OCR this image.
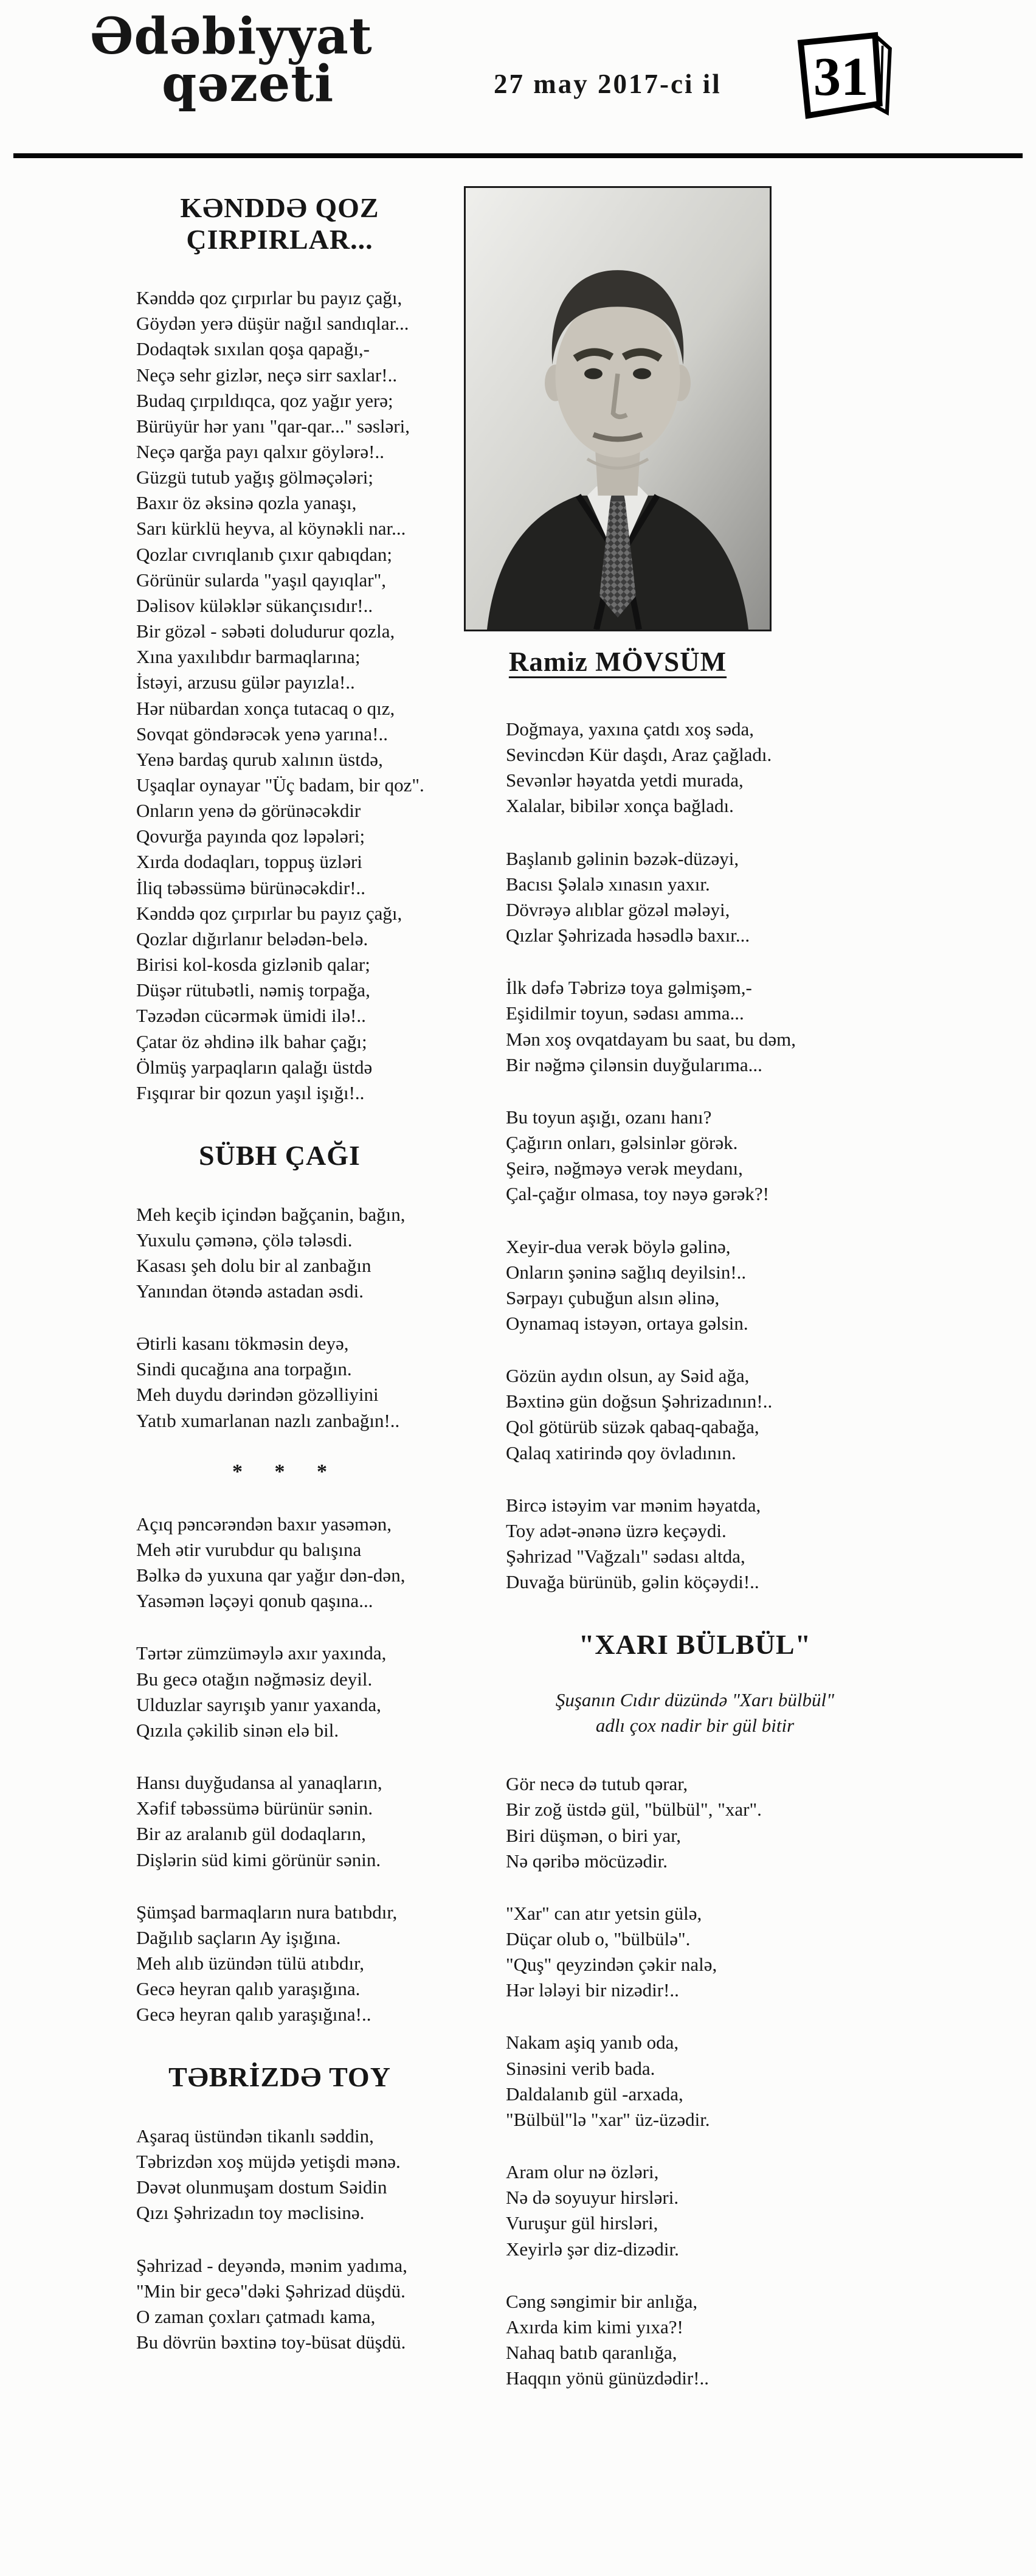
Ədəbiyyat
qəzeti	27 may 2017-ci il	31
KƏNDDƏ QOZ
ÇIRPIRLAR...
Kənddə qoz çırpırlar bu payız çağı,
Göydən yerə düşür nağıl sandıqlar...
Dodaqtək sıxılan qoşa qapağı,-
Neçə sehr gizlər, neçə sirr saxlar!..
Budaq çırpıldıqca, qoz yağır yerə;
Bürüyür hər yanı "qar-qar..." səsləri,
Neçə qarğa payı qalxır göylərə!..
Güzgü tutub yağış gölməçələri;
Baxır öz əksinə qozla yanaşı,
Sarı kürklü heyva, al köynəkli nar...
Qozlar cıvrıqlanıb çıxır qabıqdan;
Görünür sularda "yaşıl qayıqlar",
Dəlisov küləklər sükançısıdır!..
Bir gözəl - səbəti doludurur qozla,
Xına yaxılıbdır barmaqlarına;
İstəyi, arzusu gülər payızla!..
Hər nübardan xonça tutacaq o qız,
Sovqat göndərəcək yenə yarına!..
Yenə bardaş qurub xalının üstdə,
Uşaqlar oynayar "Üç badam, bir qoz".
Onların yenə də görünəcəkdir
Qovurğa payında qoz ləpələri;
Xırda dodaqları, toppuş üzləri
İliq təbəssümə bürünəcəkdir!..
Kənddə qoz çırpırlar bu payız çağı,
Qozlar dığırlanır belədən-belə.
Birisi kol-kosda gizlənib qalar;
Düşər rütubətli, nəmiş torpağa,
Təzədən cücərmək ümidi ilə!..
Çatar öz əhdinə ilk bahar çağı;
Ölmüş yarpaqların qalağı üstdə
Fışqırar bir qozun yaşıl işığı!..
SÜBH ÇAĞI
Meh keçib içindən bağçanin, bağın,
Yuxulu çəmənə, çölə tələsdi.
Kasası şeh dolu bir al zanbağın
Yanından ötəndə astadan əsdi.
Ətirli kasanı tökməsin deyə,
Sindi qucağına ana torpağın.
Meh duydu dərindən gözəlliyini
Yatıb xumarlanan nazlı zanbağın!..
* * *
Açıq pəncərəndən baxır yasəmən,
Meh ətir vurubdur qu balışına
Bəlkə də yuxuna qar yağır dən-dən,
Yasəmən ləçəyi qonub qaşına...
Tərtər zümzüməylə axır yaxında,
Bu gecə otağın nəğməsiz deyil.
Ulduzlar sayrışıb yanır yaxanda,
Qızıla çəkilib sinən elə bil.
Hansı duyğudansa al yanaqların,
Xəfif təbəssümə bürünür sənin.
Bir az aralanıb gül dodaqların,
Dişlərin süd kimi görünür sənin.
Şümşad barmaqların nura batıbdır,
Dağılıb saçların Ay işığına.
Meh alıb üzündən tülü atıbdır,
Gecə heyran qalıb yaraşığına.
Gecə heyran qalıb yaraşığına!..
TƏBRİZDƏ TOY
Aşaraq üstündən tikanlı səddin,
Təbrizdən xoş müjdə yetişdi mənə.
Dəvət olunmuşam dostum Səidin
Qızı Şəhrizadın toy məclisinə.
Şəhrizad - deyəndə, mənim yadıma,
"Min bir gecə"dəki Şəhrizad düşdü.
O zaman çoxları çatmadı kama,
Bu dövrün bəxtinə toy-büsat düşdü.
Ramiz MÖVSÜM
Doğmaya, yaxına çatdı xoş səda,
Sevincdən Kür daşdı, Araz çağladı.
Sevənlər həyatda yetdi murada,
Xalalar, bibilər xonça bağladı.
Başlanıb gəlinin bəzək-düzəyi,
Bacısı Şəlalə xınasın yaxır.
Dövrəyə alıblar gözəl mələyi,
Qızlar Şəhrizada həsədlə baxır...
İlk dəfə Təbrizə toya gəlmişəm,-
Eşidilmir toyun, sədası amma...
Mən xoş ovqatdayam bu saat, bu dəm,
Bir nəğmə çilənsin duyğularıma...
Bu toyun aşığı, ozanı hanı?
Çağırın onları, gəlsinlər görək.
Şeirə, nəğməyə verək meydanı,
Çal-çağır olmasa, toy nəyə gərək?!
Xeyir-dua verək böylə gəlinə,
Onların şəninə sağlıq deyilsin!..
Sərpayı çubuğun alsın əlinə,
Oynamaq istəyən, ortaya gəlsin.
Gözün aydın olsun, ay Səid ağa,
Bəxtinə gün doğsun Şəhrizadının!..
Qol götürüb süzək qabaq-qabağa,
Qalaq xatirində qoy övladının.
Bircə istəyim var mənim həyatda,
Toy adət-ənənə üzrə keçəydi.
Şəhrizad "Vağzalı" sədası altda,
Duvağa bürünüb, gəlin köçəydi!..
"XARI BÜLBÜL"
Şuşanın Cıdır düzündə "Xarı bülbül"
adlı çox nadir bir gül bitir
Gör necə də tutub qərar,
Bir zoğ üstdə gül, "bülbül", "xar".
Biri düşmən, o biri yar,
Nə qəribə möcüzədir.
"Xar" can atır yetsin gülə,
Düçar olub o, "bülbülə".
"Quş" qeyzindən çəkir nalə,
Hər lələyi bir nizədir!..
Nakam aşiq yanıb oda,
Sinəsini verib bada.
Daldalanıb gül -arxada,
"Bülbül"lə "xar" üz-üzədir.
Aram olur nə özləri,
Nə də soyuyur hirsləri.
Vuruşur gül hirsləri,
Xeyirlə şər diz-dizədir.
Cəng səngimir bir anlığa,
Axırda kim kimi yıxa?!
Nahaq batıb qaranlığa,
Haqqın yönü günüzdədir!..
